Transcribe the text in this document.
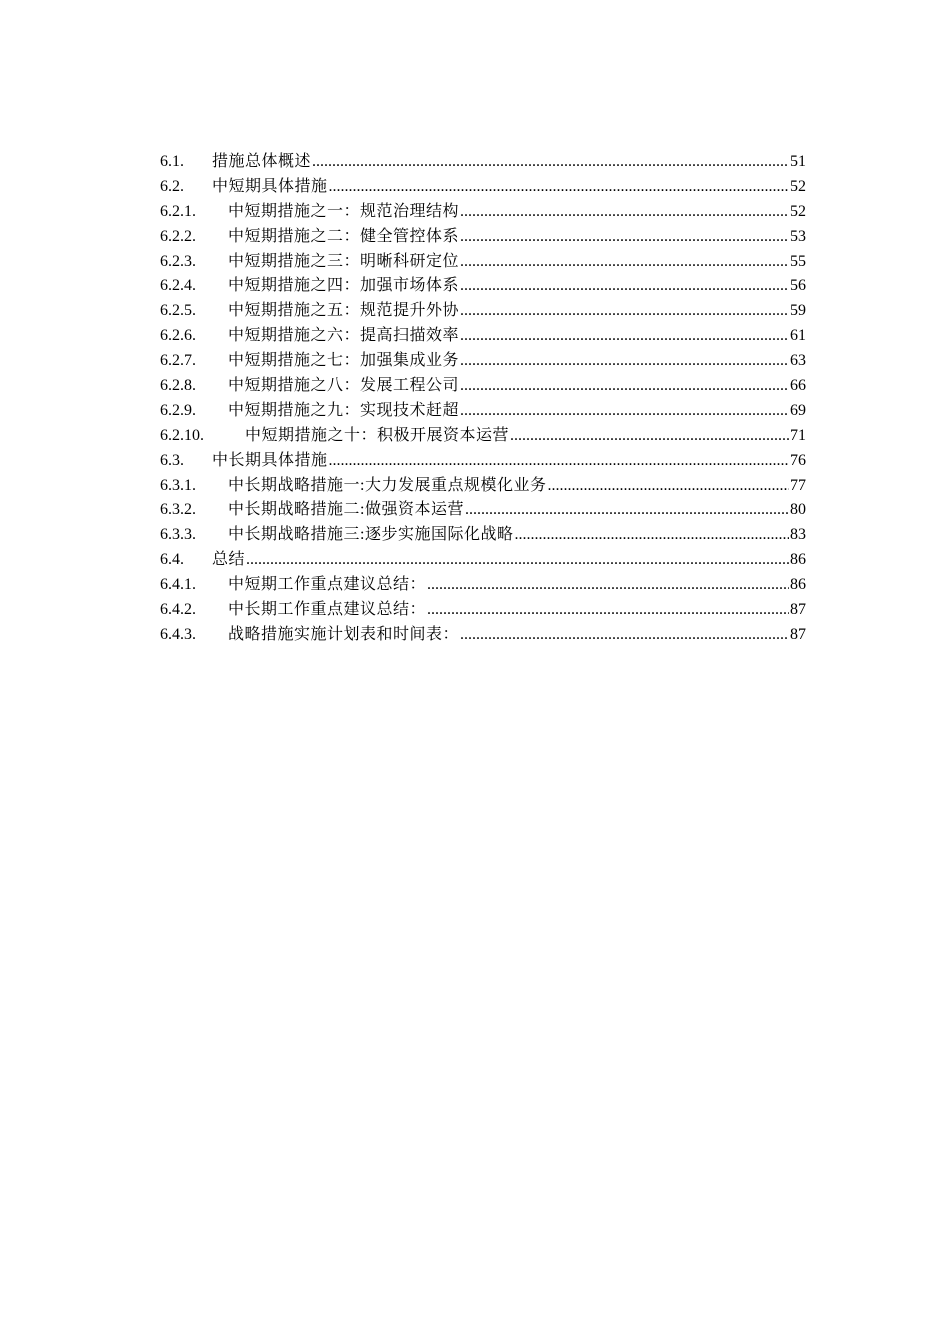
6.1.	措施总体概述 .....	51
6.2.	中短期具体措施 .....	52
6.2.1.	中短期措施之一：规范治理结构 .....	52
6.2.2.	中短期措施之二：健全管控体系 .....	53
6.2.3.	中短期措施之三：明晰科研定位 .....	55
6.2.4.	中短期措施之四：加强市场体系 .....	56
6.2.5.	中短期措施之五：规范提升外协 .....	59
6.2.6.	中短期措施之六：提高扫描效率 .....	61
6.2.7.	中短期措施之七：加强集成业务 .....	63
6.2.8.	中短期措施之八：发展工程公司 .....	66
6.2.9.	中短期措施之九：实现技术赶超 .....	69
6.2.10.	中短期措施之十：积极开展资本运营 .....	71
6.3.	中长期具体措施 .....	76
6.3.1.	中长期战略措施一:大力发展重点规模化业务 .....	77
6.3.2.	中长期战略措施二:做强资本运营 .....	80
6.3.3.	中长期战略措施三:逐步实施国际化战略 .....	83
6.4.	总结 .....	86
6.4.1.	中短期工作重点建议总结： .....	86
6.4.2.	中长期工作重点建议总结： .....	87
6.4.3.	战略措施实施计划表和时间表： .....	87
